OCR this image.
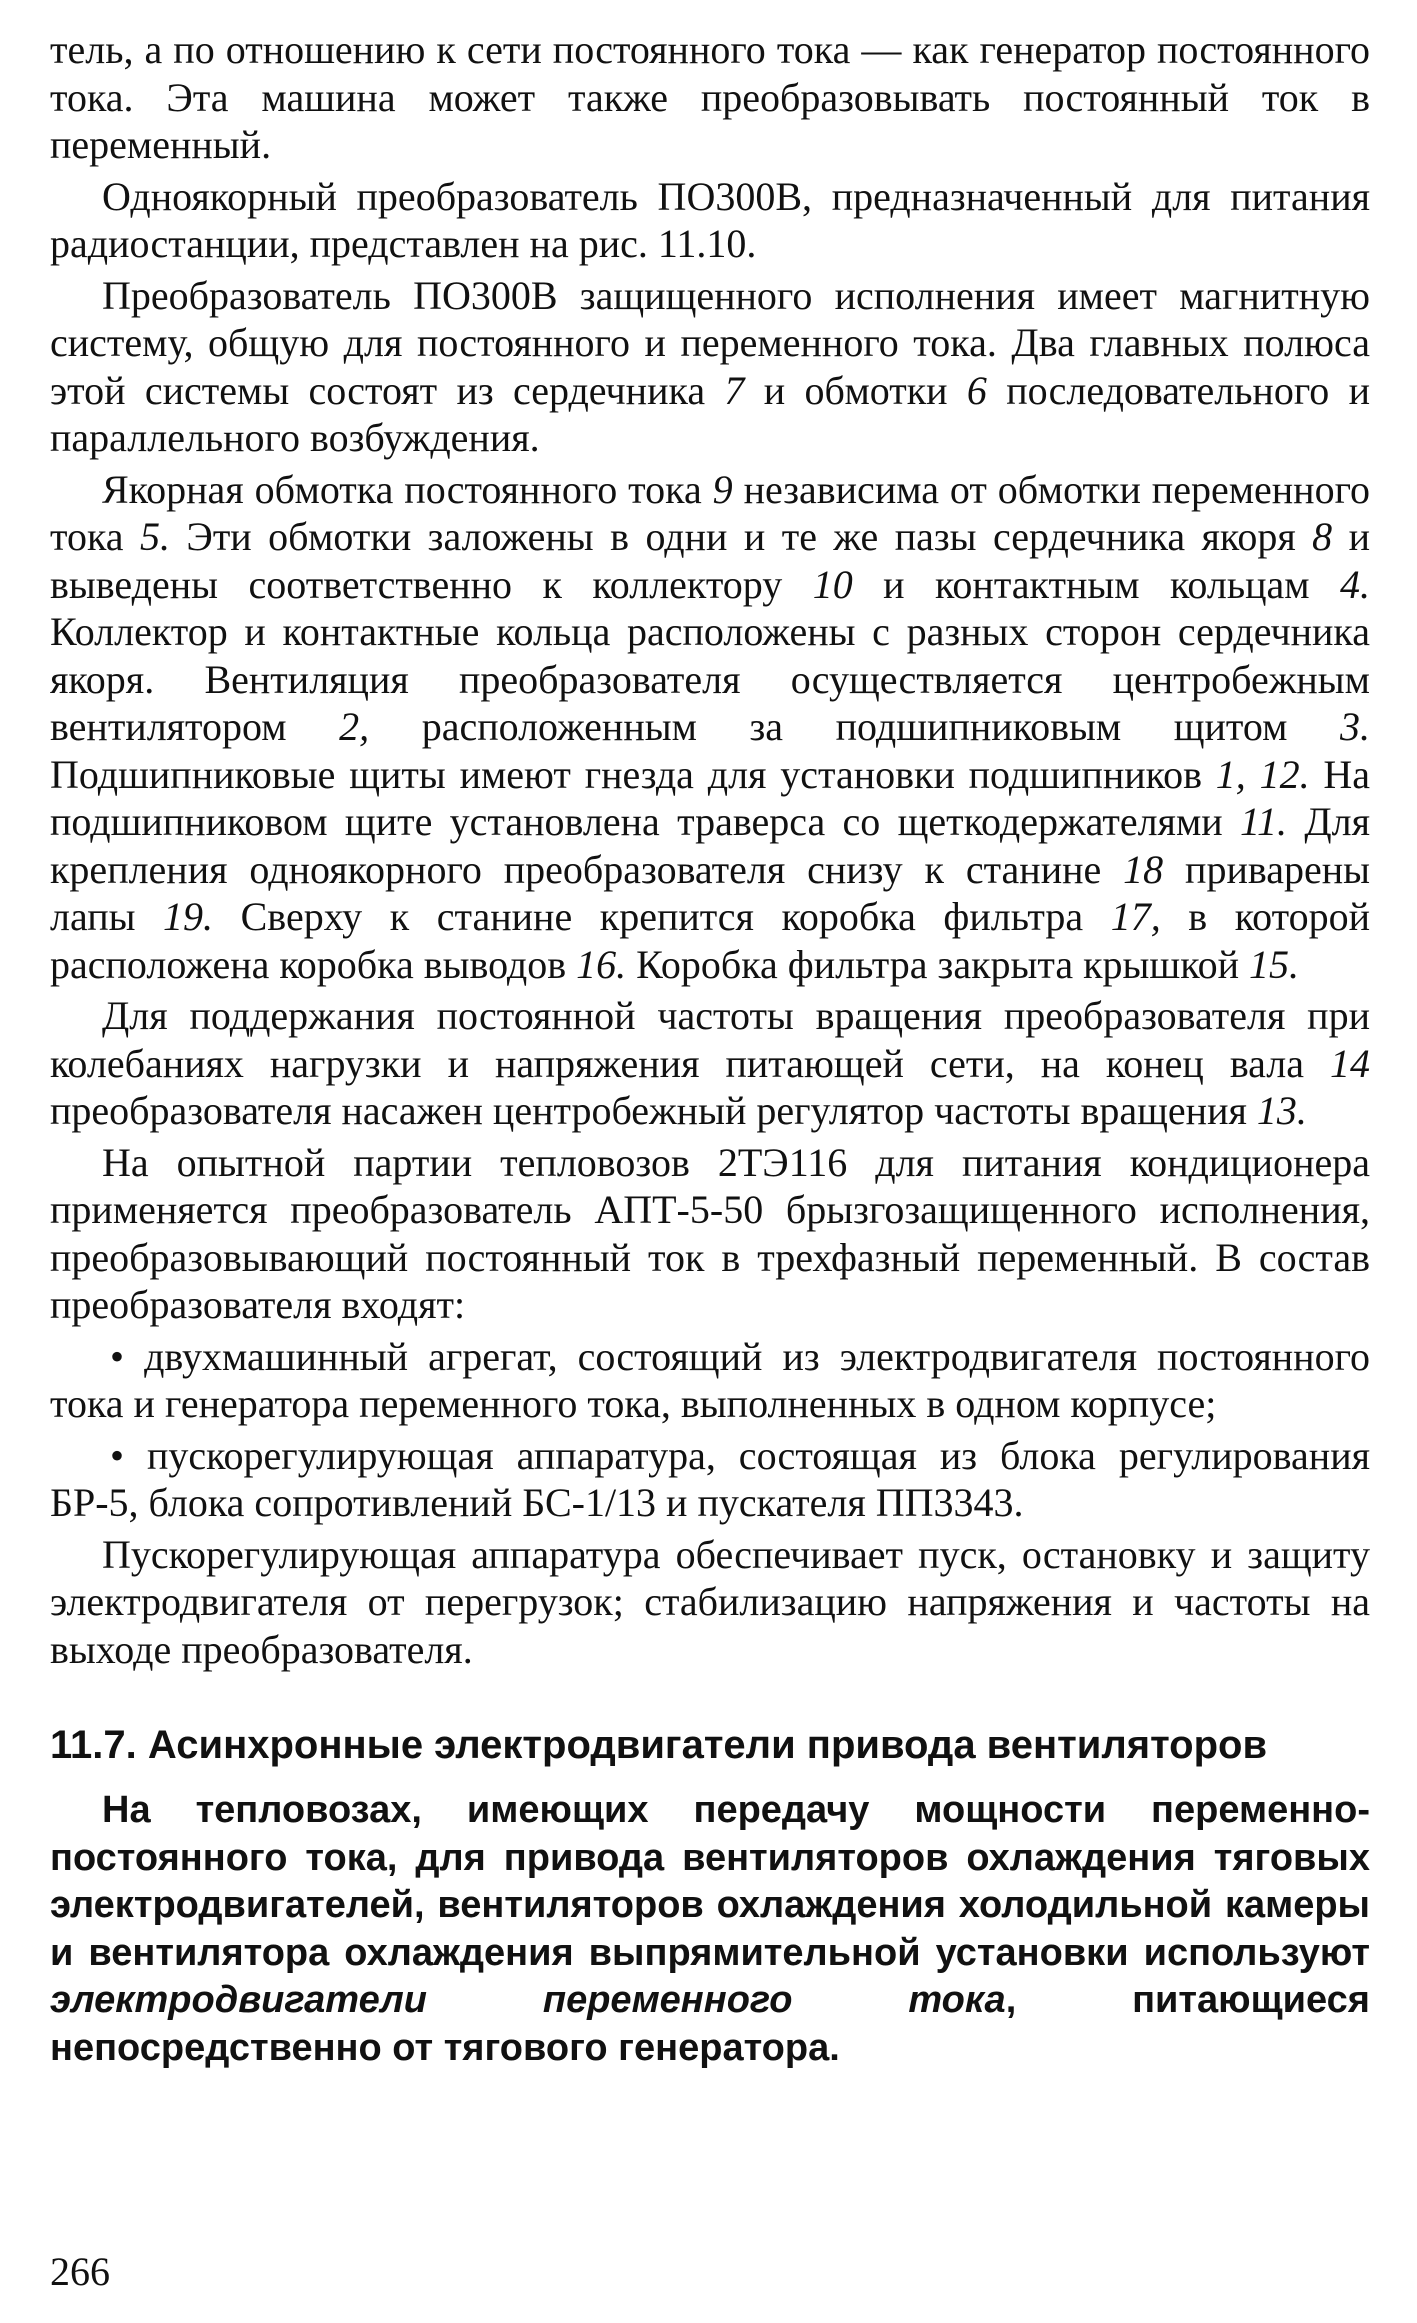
тель, а по отношению к сети постоянного тока — как генератор постоянного тока. Эта машина может также преобразовывать постоянный ток в переменный.

Одноякорный преобразователь ПО300В, предназначенный для питания радиостанции, представлен на рис. 11.10.

Преобразователь ПО300В защищенного исполнения имеет магнитную систему, общую для постоянного и переменного тока. Два главных полюса этой системы состоят из сердечника 7 и обмотки 6 последовательного и параллельного возбуждения.

Якорная обмотка постоянного тока 9 независима от обмотки переменного тока 5. Эти обмотки заложены в одни и те же пазы сердечника якоря 8 и выведены соответственно к коллектору 10 и контактным кольцам 4. Коллектор и контактные кольца расположены с разных сторон сердечника якоря. Вентиляция преобразователя осуществляется центробежным вентилятором 2, расположенным за подшипниковым щитом 3. Подшипниковые щиты имеют гнезда для установки подшипников 1, 12. На подшипниковом щите установлена траверса со щеткодержателями 11. Для крепления одноякорного преобразователя снизу к станине 18 приварены лапы 19. Сверху к станине крепится коробка фильтра 17, в которой расположена коробка выводов 16. Коробка фильтра закрыта крышкой 15.

Для поддержания постоянной частоты вращения преобразователя при колебаниях нагрузки и напряжения питающей сети, на конец вала 14 преобразователя насажен центробежный регулятор частоты вращения 13.

На опытной партии тепловозов 2ТЭ116 для питания кондиционера применяется преобразователь АПТ-5-50 брызгозащищенного исполнения, преобразовывающий постоянный ток в трехфазный переменный. В состав преобразователя входят:

• двухмашинный агрегат, состоящий из электродвигателя постоянного тока и генератора переменного тока, выполненных в одном корпусе;

• пускорегулирующая аппаратура, состоящая из блока регулирования БР-5, блока сопротивлений БС-1/13 и пускателя ПП3343.

Пускорегулирующая аппаратура обеспечивает пуск, остановку и защиту электродвигателя от перегрузок; стабилизацию напряжения и частоты на выходе преобразователя.

11.7. Асинхронные электродвигатели привода вентиляторов

На тепловозах, имеющих передачу мощности переменно-постоянного тока, для привода вентиляторов охлаждения тяговых электродвигателей, вентиляторов охлаждения холодильной камеры и вентилятора охлаждения выпрямительной установки используют электродвигатели переменного тока, питающиеся непосредственно от тягового генератора.

266
